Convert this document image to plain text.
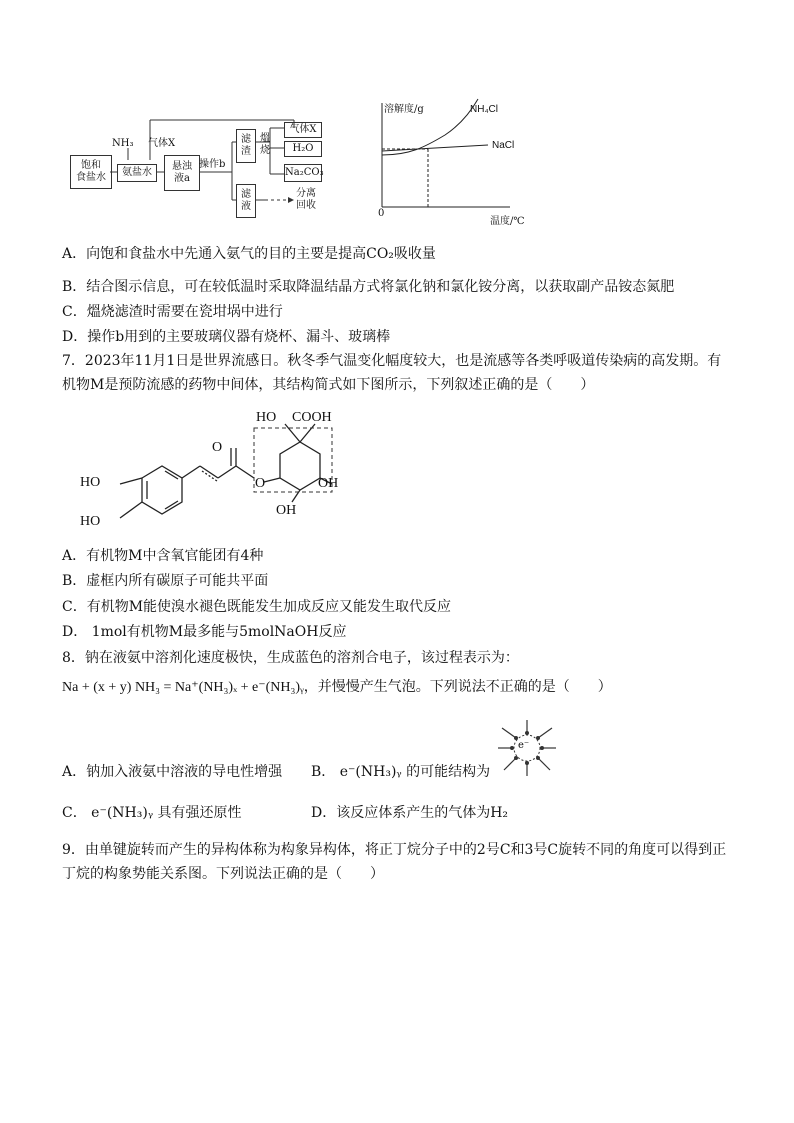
NH₃ 气体X
饱和
食盐水	氨盐水
悬浊
液a
操作b
滤
渣
熅
烧
气体X
H₂O
Na₂CO₃
滤
液
分离
回收
溶解度/g	NH₄Cl
NaCl
0
温度/℃
A．向饱和食盐水中先通入氨气的目的主要是提高CO₂吸收量
B．结合图示信息，可在较低温时采取降温结晶方式将氯化钠和氯化铵分离，以获取副产品铵态氮肥
C．熅烧滤渣时需要在瓷坩埚中进行
D．操作b用到的主要玻璃仪器有烧杯、漏斗、玻璃棒
7．2023年11月1日是世界流感日。秋冬季气温变化幅度较大，也是流感等各类呼吸道传染病的高发期。有机物M是预防流感的药物中间体，其结构简式如下图所示，下列叙述正确的是（　　）
HO COOH
O
HO
HO
O	OH
OH
A．有机物M中含氧官能团有4种
B．虚框内所有碳原子可能共平面
C．有机物M能使溴水褪色既能发生加成反应又能发生取代反应
D． 1mol有机物M最多能与5molNaOH反应
8．钠在液氨中溶剂化速度极快，生成蓝色的溶剂合电子，该过程表示为：
Na + (x + y) NH₃ = Na⁺(NH₃)ₓ + e⁻(NH₃)ᵧ，并慢慢产生气泡。下列说法不正确的是（　　）
A．钠加入液氨中溶液的导电性增强 B． e⁻(NH₃)ᵧ 的可能结构为
e⁻
C． e⁻(NH₃)ᵧ 具有强还原性	D．该反应体系产生的气体为H₂
9．由单键旋转而产生的异构体称为构象异构体，将正丁烷分子中的2号C和3号C旋转不同的角度可以得到正丁烷的构象势能关系图。下列说法正确的是（　　）
